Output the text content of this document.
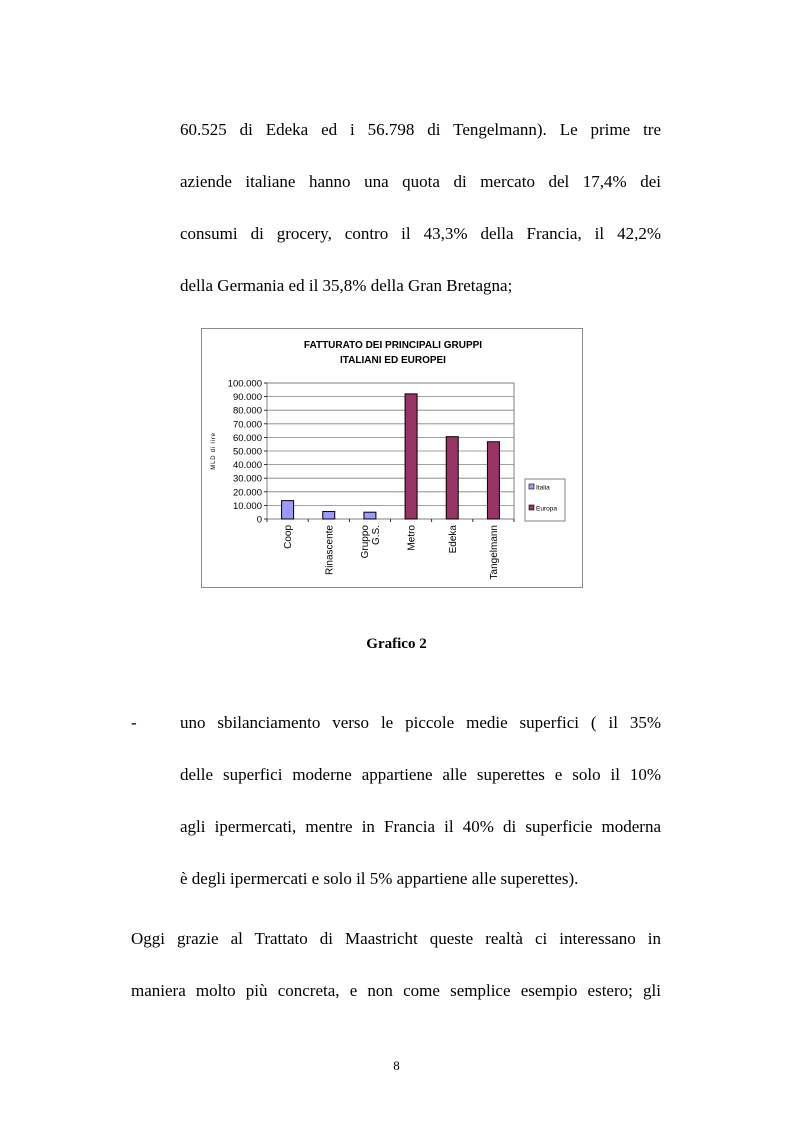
60.525 di Edeka ed i 56.798 di Tengelmann). Le prime tre
aziende italiane hanno una quota di mercato del 17,4% dei
consumi di grocery, contro il 43,3% della Francia, il 42,2%
della Germania ed il 35,8% della Gran Bretagna;
FATTURATO DEI PRINCIPALI GRUPPI
ITALIANI ED EUROPEI
0
10.000
20.000
30.000
40.000
50.000
60.000
70.000
80.000
90.000
100.000
MLD di lire
Coop	Rinascente Gruppo G.S. Metro	Edeka	Tangelmann
Italia
Europa
Grafico 2
-	uno sbilanciamento verso le piccole medie superfici ( il 35%
delle superfici moderne appartiene alle superettes e solo il 10%
agli ipermercati, mentre in Francia il 40% di superficie moderna
è degli ipermercati e solo il 5% appartiene alle superettes).
Oggi grazie al Trattato di Maastricht queste realtà ci interessano in
maniera molto più concreta, e non come semplice esempio estero; gli
8
